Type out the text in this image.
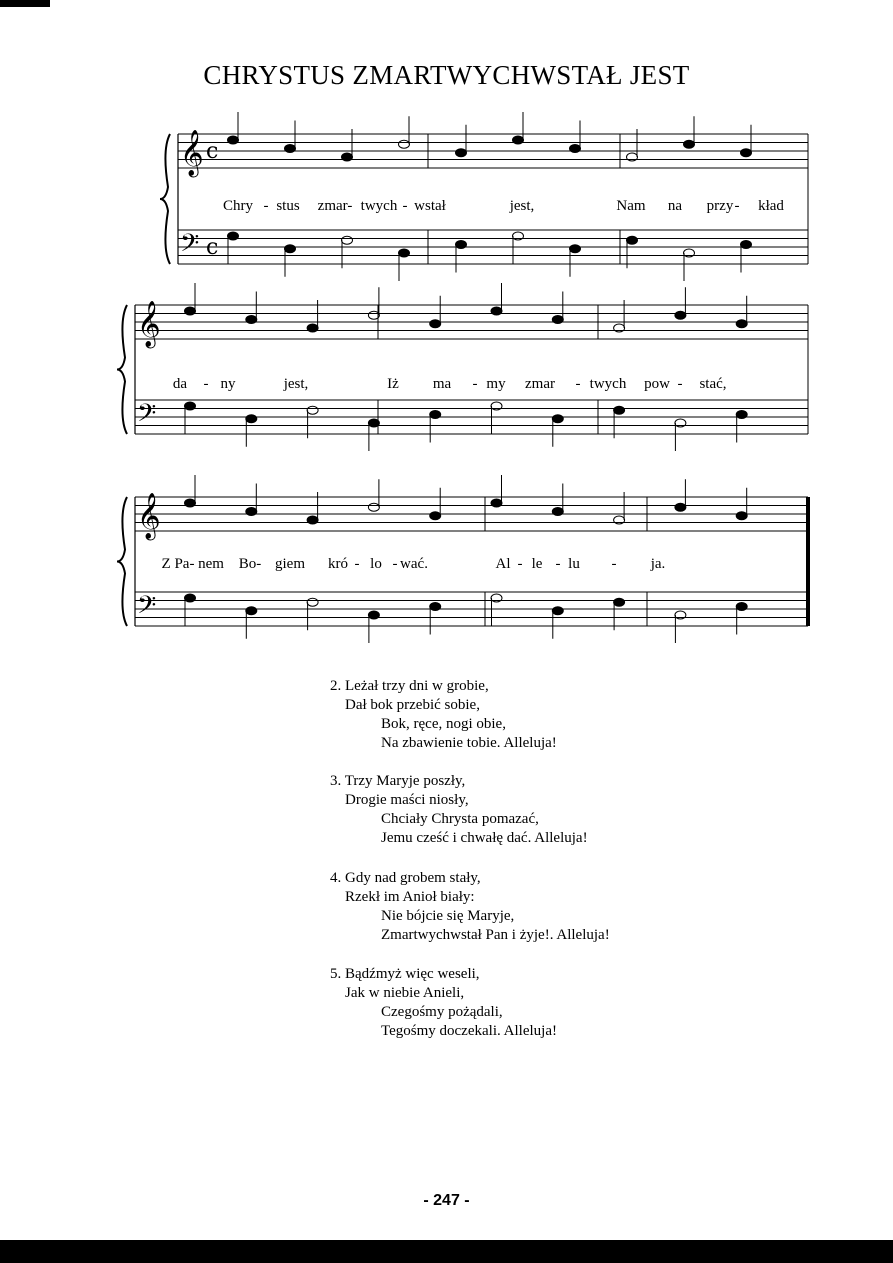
CHRYSTUS ZMARTWYCHWSTAŁ JEST
𝄞
𝄢
c
c
𝄞
𝄢
𝄞
𝄢
Chry - stus zmar- twych - wstał	jest,	Nam na przy - kład
da - ny	jest,	Iż ma - my zmar - twych pow - stać,
Z Pa- nem Bo- giem kró - lo - wać.	Al - le - lu - ja.
2. Leżał trzy dni w grobie,
Dał bok przebić sobie,
Bok, ręce, nogi obie,
Na zbawienie tobie. Alleluja!
3. Trzy Maryje poszły,
Drogie maści niosły,
Chciały Chrysta pomazać,
Jemu cześć i chwałę dać. Alleluja!
4. Gdy nad grobem stały,
Rzekł im Anioł biały:
Nie bójcie się Maryje,
Zmartwychwstał Pan i żyje!. Alleluja!
5. Bądźmyż więc weseli,
Jak w niebie Anieli,
Czegośmy pożądali,
Tegośmy doczekali. Alleluja!
- 247 -
